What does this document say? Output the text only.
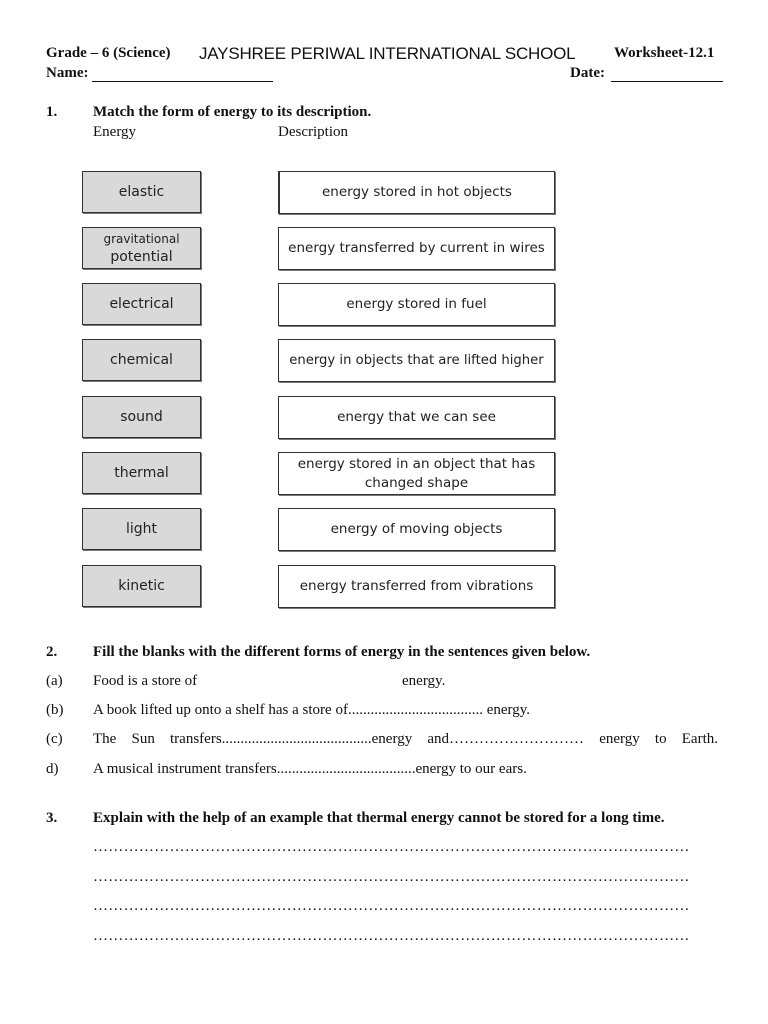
Grade – 6 (Science) JAYSHREE PERIWAL INTERNATIONAL SCHOOL	Worksheet-12.1
Name:	Date:
1. Match the form of energy to its description.
Energy	Description
elastic
gravitational
potential
electrical
chemical
sound
thermal
light
kinetic
energy stored in hot objects
energy transferred by current in wires
energy stored in fuel
energy in objects that are lifted higher
energy that we can see
energy stored in an object that has
changed shape
energy of moving objects
energy transferred from vibrations
2. Fill the blanks with the different forms of energy in the sentences given below.
(a) Food is a store of	energy.
(b) A book lifted up onto a shelf has a store of.................................... energy.
(c) The Sun transfers........................................energy and……………………… energy to Earth.
d) A musical instrument transfers.....................................energy to our ears.
3. Explain with the help of an example that thermal energy cannot be stored for a long time.
………………………………………………………………………………………………………
………………………………………………………………………………………………………
………………………………………………………………………………………………………
………………………………………………………………………………………………………
